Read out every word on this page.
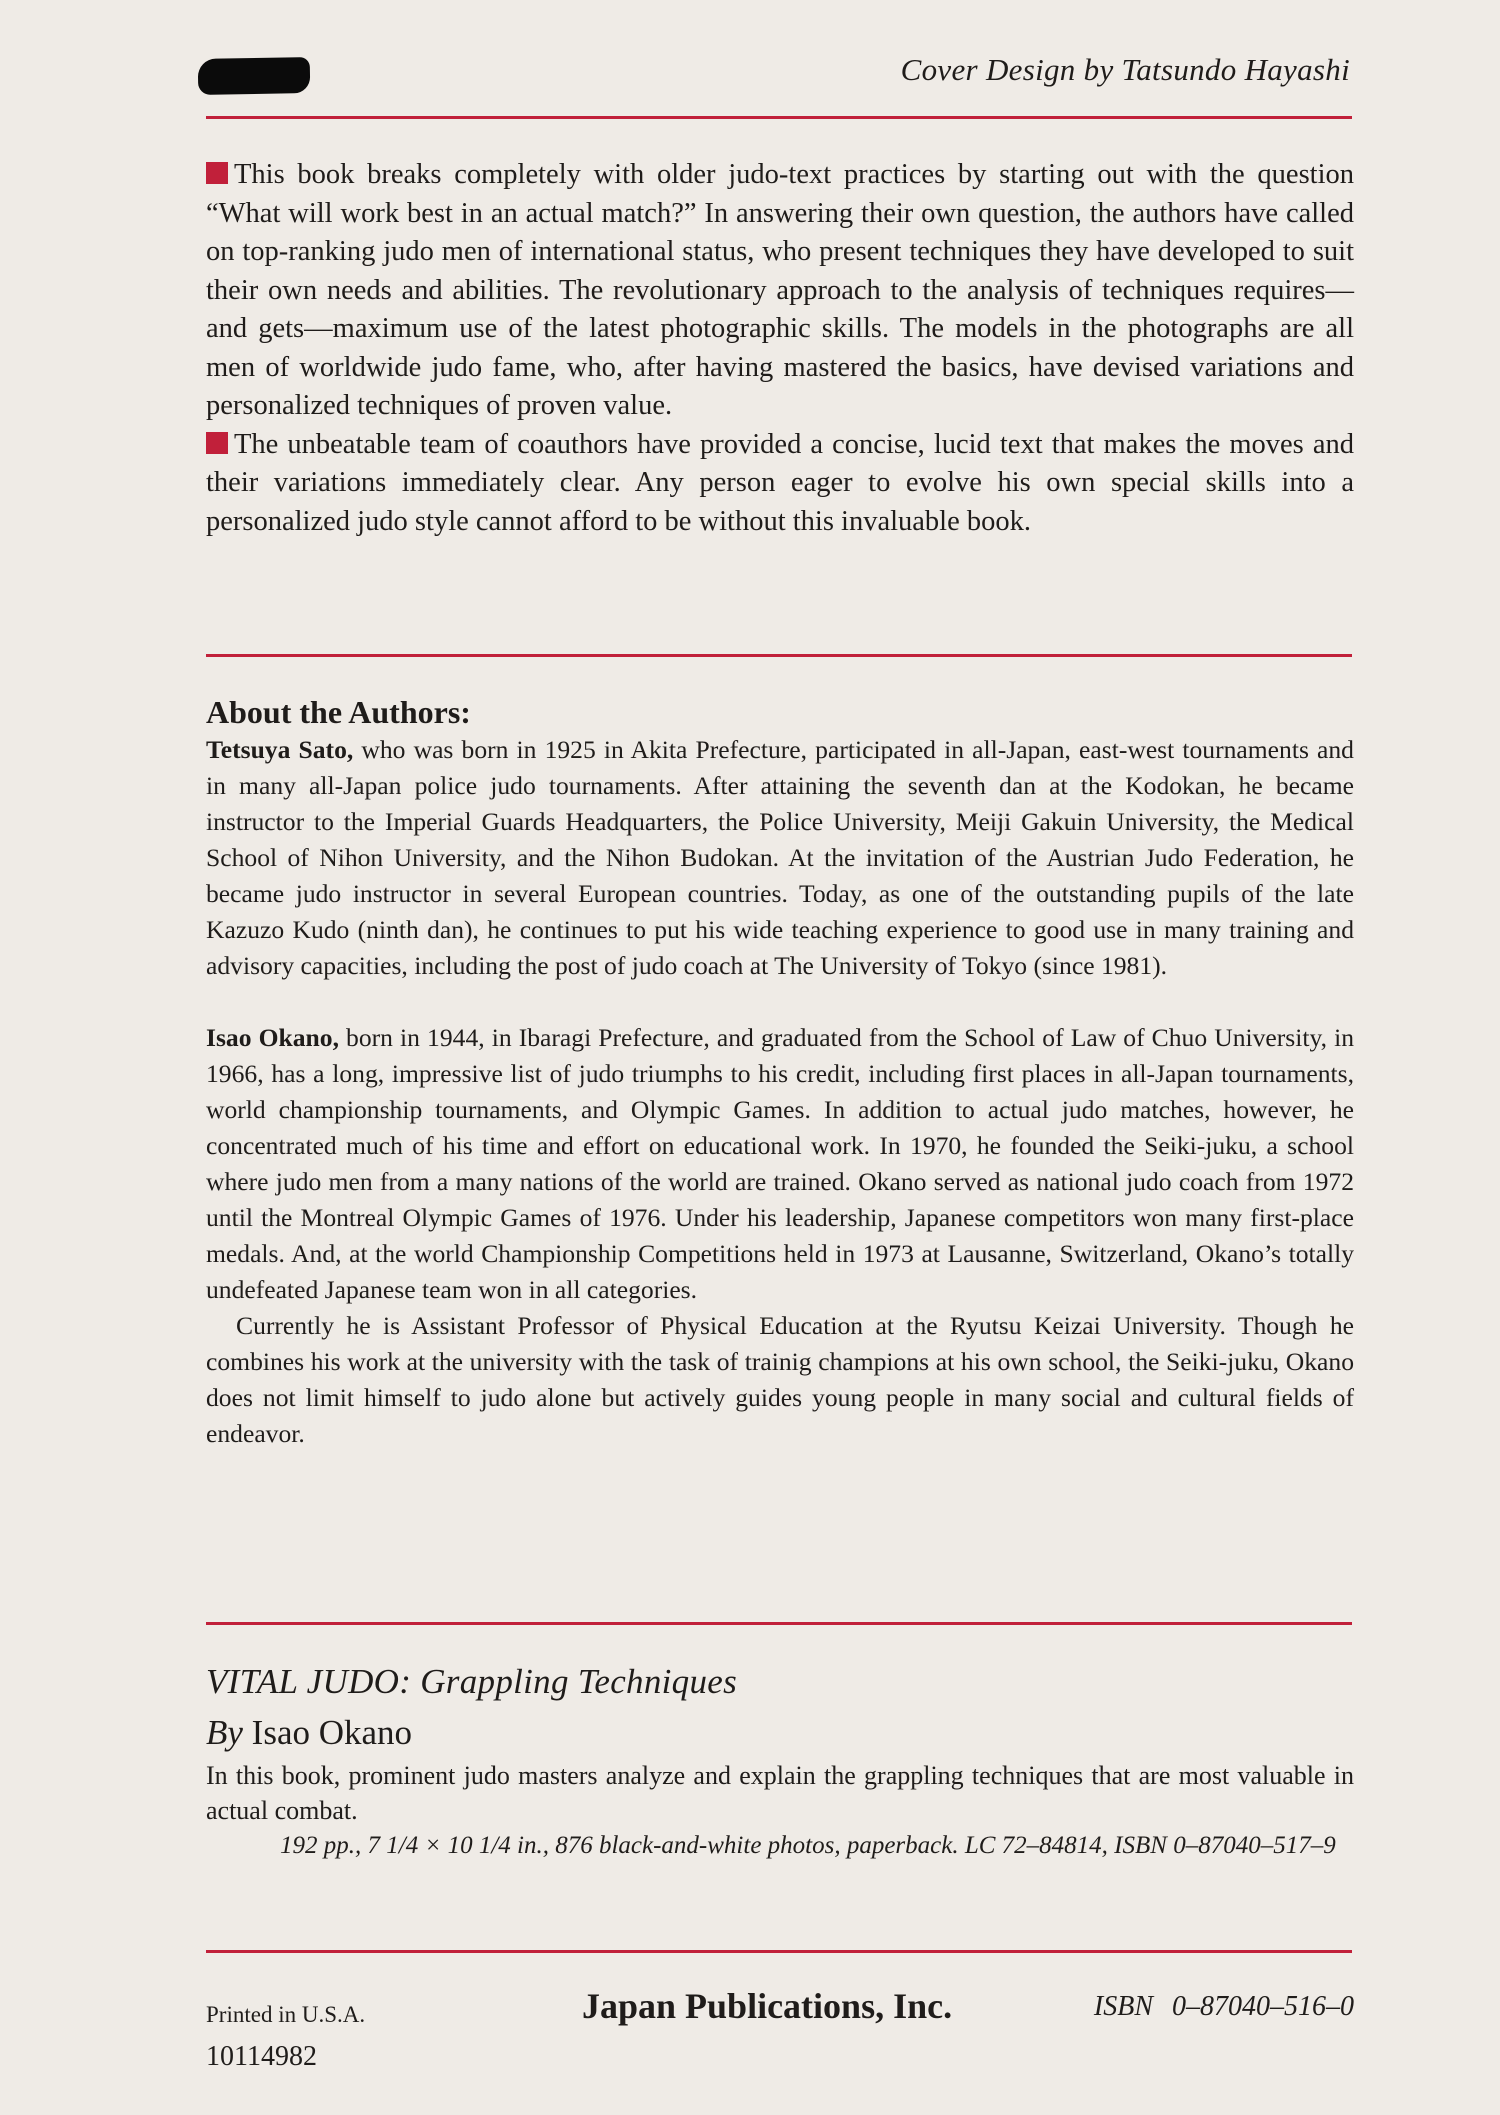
Cover Design by Tatsundo Hayashi

This book breaks completely with older judo-text practices by starting out with the question “What will work best in an actual match?” In answering their own question, the authors have called on top-ranking judo men of international status, who present techniques they have developed to suit their own needs and abilities. The revolutionary approach to the analysis of techniques requires—and gets—maximum use of the latest photographic skills. The models in the photographs are all men of worldwide judo fame, who, after having mastered the basics, have devised variations and personalized techniques of proven value.

The unbeatable team of coauthors have provided a concise, lucid text that makes the moves and their variations immediately clear. Any person eager to evolve his own special skills into a personalized judo style cannot afford to be without this invaluable book.

About the Authors:

Tetsuya Sato, who was born in 1925 in Akita Prefecture, participated in all-Japan, east-west tournaments and in many all-Japan police judo tournaments. After attaining the seventh dan at the Kodokan, he became instructor to the Imperial Guards Headquarters, the Police University, Meiji Gakuin University, the Medical School of Nihon University, and the Nihon Budokan. At the invitation of the Austrian Judo Federation, he became judo instructor in several European countries. Today, as one of the outstanding pupils of the late Kazuzo Kudo (ninth dan), he continues to put his wide teaching experience to good use in many training and advisory capacities, including the post of judo coach at The University of Tokyo (since 1981).

Isao Okano, born in 1944, in Ibaragi Prefecture, and graduated from the School of Law of Chuo University, in 1966, has a long, impressive list of judo triumphs to his credit, including first places in all-Japan tournaments, world championship tournaments, and Olympic Games. In addition to actual judo matches, however, he concentrated much of his time and effort on educational work. In 1970, he founded the Seiki-juku, a school where judo men from a many nations of the world are trained. Okano served as national judo coach from 1972 until the Montreal Olympic Games of 1976. Under his leadership, Japanese competitors won many first-place medals. And, at the world Championship Competitions held in 1973 at Lausanne, Switzerland, Okano’s totally undefeated Japanese team won in all categories.

Currently he is Assistant Professor of Physical Education at the Ryutsu Keizai University. Though he combines his work at the university with the task of trainig champions at his own school, the Seiki-juku, Okano does not limit himself to judo alone but actively guides young people in many social and cultural fields of endeavor.

VITAL JUDO: Grappling Techniques

By Isao Okano

In this book, prominent judo masters analyze and explain the grappling techniques that are most valuable in actual combat.

192 pp., 7 1/4 × 10 1/4 in., 876 black-and-white photos, paperback. LC 72–84814, ISBN 0–87040–517–9

Printed in U.S.A.
10114982
Japan Publications, Inc.	ISBN 0–87040–516–0
